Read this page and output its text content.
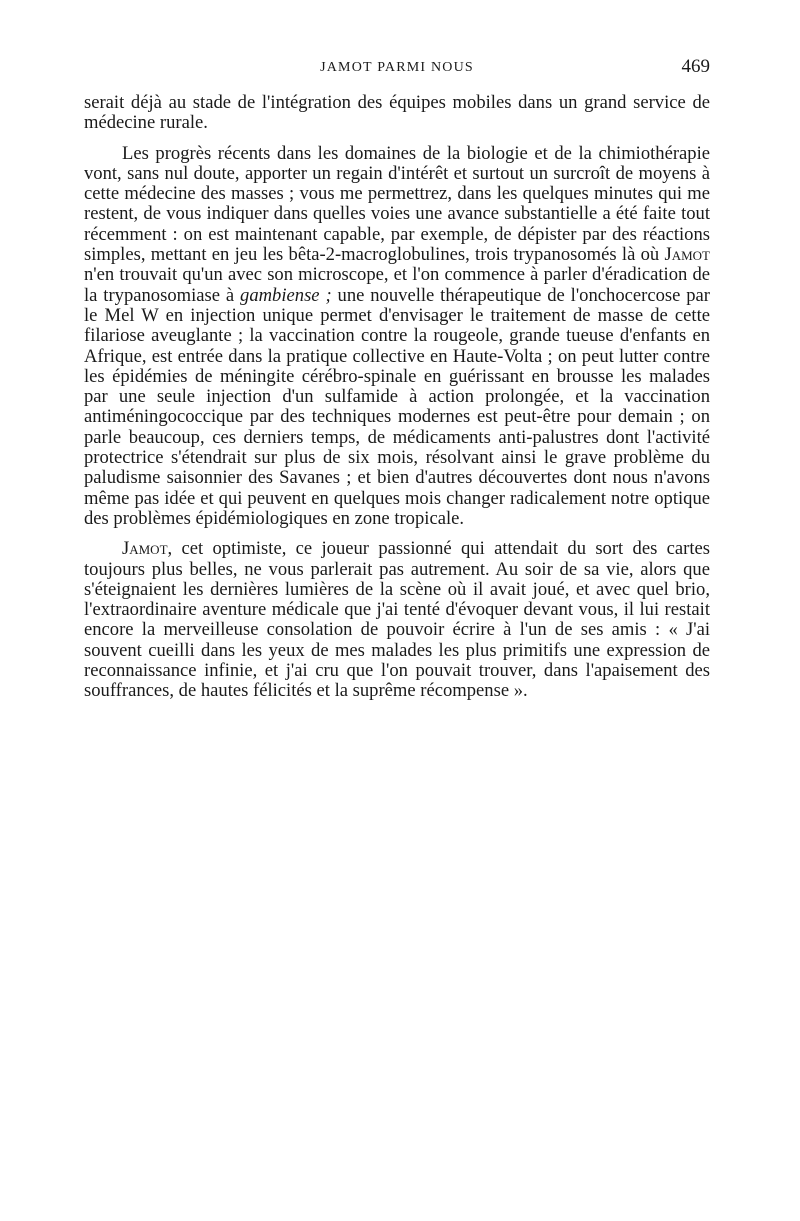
JAMOT PARMI NOUS	469

serait déjà au stade de l'intégration des équipes mobiles dans un grand service de médecine rurale.

Les progrès récents dans les domaines de la biologie et de la chimiothérapie vont, sans nul doute, apporter un regain d'intérêt et surtout un surcroît de moyens à cette médecine des masses ; vous me permettrez, dans les quelques minutes qui me restent, de vous indiquer dans quelles voies une avance substantielle a été faite tout récemment : on est maintenant capable, par exemple, de dépister par des réactions simples, mettant en jeu les bêta-2-macroglobulines, trois trypanosomés là où Jamot n'en trouvait qu'un avec son microscope, et l'on commence à parler d'éradication de la trypanosomiase à gambiense ; une nouvelle thérapeutique de l'onchocercose par le Mel W en injection unique permet d'envisager le traitement de masse de cette filariose aveuglante ; la vaccination contre la rougeole, grande tueuse d'enfants en Afrique, est entrée dans la pratique collective en Haute-Volta ; on peut lutter contre les épidémies de méningite cérébro-spinale en guérissant en brousse les malades par une seule injection d'un sulfamide à action prolongée, et la vaccination antiméningococcique par des techniques modernes est peut-être pour demain ; on parle beaucoup, ces derniers temps, de médicaments anti-palustres dont l'activité protectrice s'étendrait sur plus de six mois, résolvant ainsi le grave problème du paludisme saisonnier des Savanes ; et bien d'autres découvertes dont nous n'avons même pas idée et qui peuvent en quelques mois changer radicalement notre optique des problèmes épidémiologiques en zone tropicale.

Jamot, cet optimiste, ce joueur passionné qui attendait du sort des cartes toujours plus belles, ne vous parlerait pas autrement. Au soir de sa vie, alors que s'éteignaient les dernières lumières de la scène où il avait joué, et avec quel brio, l'extraordinaire aventure médicale que j'ai tenté d'évoquer devant vous, il lui restait encore la merveilleuse consolation de pouvoir écrire à l'un de ses amis : « J'ai souvent cueilli dans les yeux de mes malades les plus primitifs une expression de reconnaissance infinie, et j'ai cru que l'on pouvait trouver, dans l'apaisement des souffrances, de hautes félicités et la suprême récompense ».
